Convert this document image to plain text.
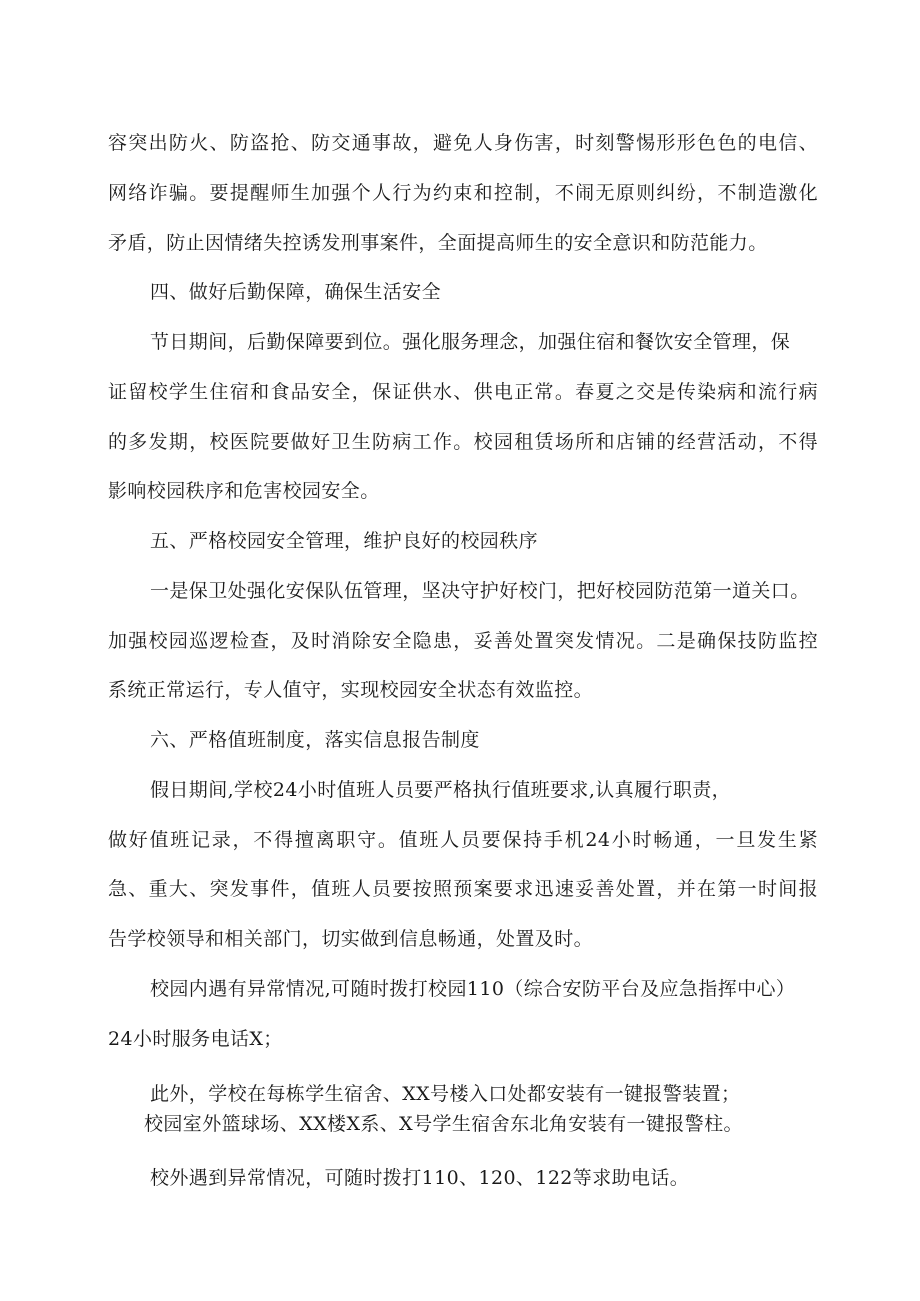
容突出防火、防盗抢、防交通事故，避免人身伤害，时刻警惕形形色色的电信、
网络诈骗。要提醒师生加强个人行为约束和控制，不闹无原则纠纷，不制造激化
矛盾，防止因情绪失控诱发刑事案件，全面提高师生的安全意识和防范能力。
四、做好后勤保障，确保生活安全
节日期间，后勤保障要到位。强化服务理念，加强住宿和餐饮安全管理，保
证留校学生住宿和食品安全，保证供水、供电正常。春夏之交是传染病和流行病
的多发期，校医院要做好卫生防病工作。校园租赁场所和店铺的经营活动，不得
影响校园秩序和危害校园安全。
五、严格校园安全管理，维护良好的校园秩序
一是保卫处强化安保队伍管理，坚决守护好校门，把好校园防范第一道关口。
加强校园巡逻检查，及时消除安全隐患，妥善处置突发情况。二是确保技防监控
系统正常运行，专人值守，实现校园安全状态有效监控。
六、严格值班制度，落实信息报告制度
假日期间,学校24小时值班人员要严格执行值班要求,认真履行职责，
做好值班记录，不得擅离职守。值班人员要保持手机24小时畅通，一旦发生紧
急、重大、突发事件，值班人员要按照预案要求迅速妥善处置，并在第一时间报
告学校领导和相关部门，切实做到信息畅通，处置及时。
校园内遇有异常情况,可随时拨打校园110（综合安防平台及应急指挥中心）
24小时服务电话X；
此外，学校在每栋学生宿舍、XX号楼入口处都安装有一键报警装置；
校园室外篮球场、XX楼X系、X号学生宿舍东北角安装有一键报警柱。
校外遇到异常情况，可随时拨打110、120、122等求助电话。
